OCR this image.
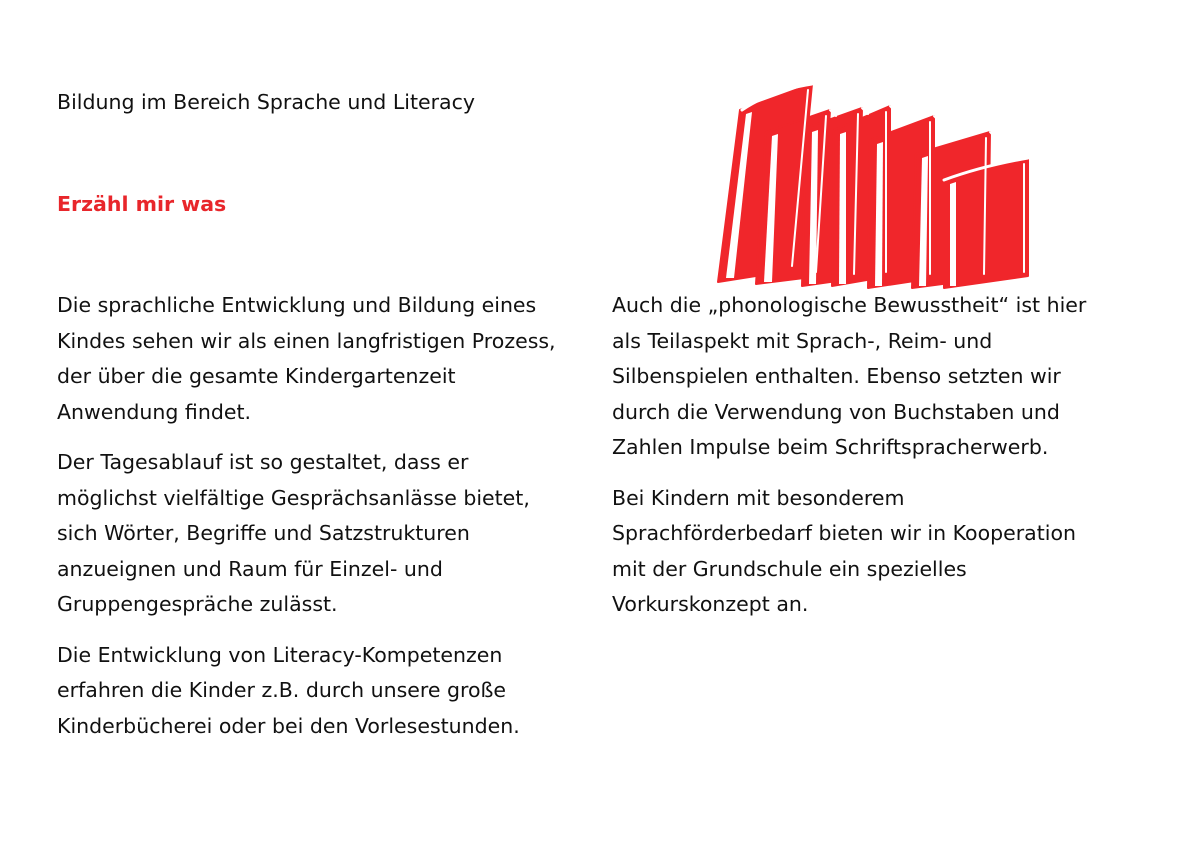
Bildung im Bereich Sprache und Literacy
Erzähl mir was
Die sprachliche Entwicklung und Bildung eines
Kindes sehen wir als einen langfristigen Prozess,
der über die gesamte Kindergartenzeit
Anwendung findet.
Der Tagesablauf ist so gestaltet, dass er
möglichst vielfältige Gesprächsanlässe bietet,
sich Wörter, Begriffe und Satzstrukturen
anzueignen und Raum für Einzel- und
Gruppengespräche zulässt.
Die Entwicklung von Literacy-Kompetenzen
erfahren die Kinder z.B. durch unsere große
Kinderbücherei oder bei den Vorlesestunden.
Auch die „phonologische Bewusstheit“ ist hier
als Teilaspekt mit Sprach-, Reim- und
Silbenspielen enthalten. Ebenso setzten wir
durch die Verwendung von Buchstaben und
Zahlen Impulse beim Schriftspracherwerb.
Bei Kindern mit besonderem
Sprachförderbedarf bieten wir in Kooperation
mit der Grundschule ein spezielles
Vorkurskonzept an.
